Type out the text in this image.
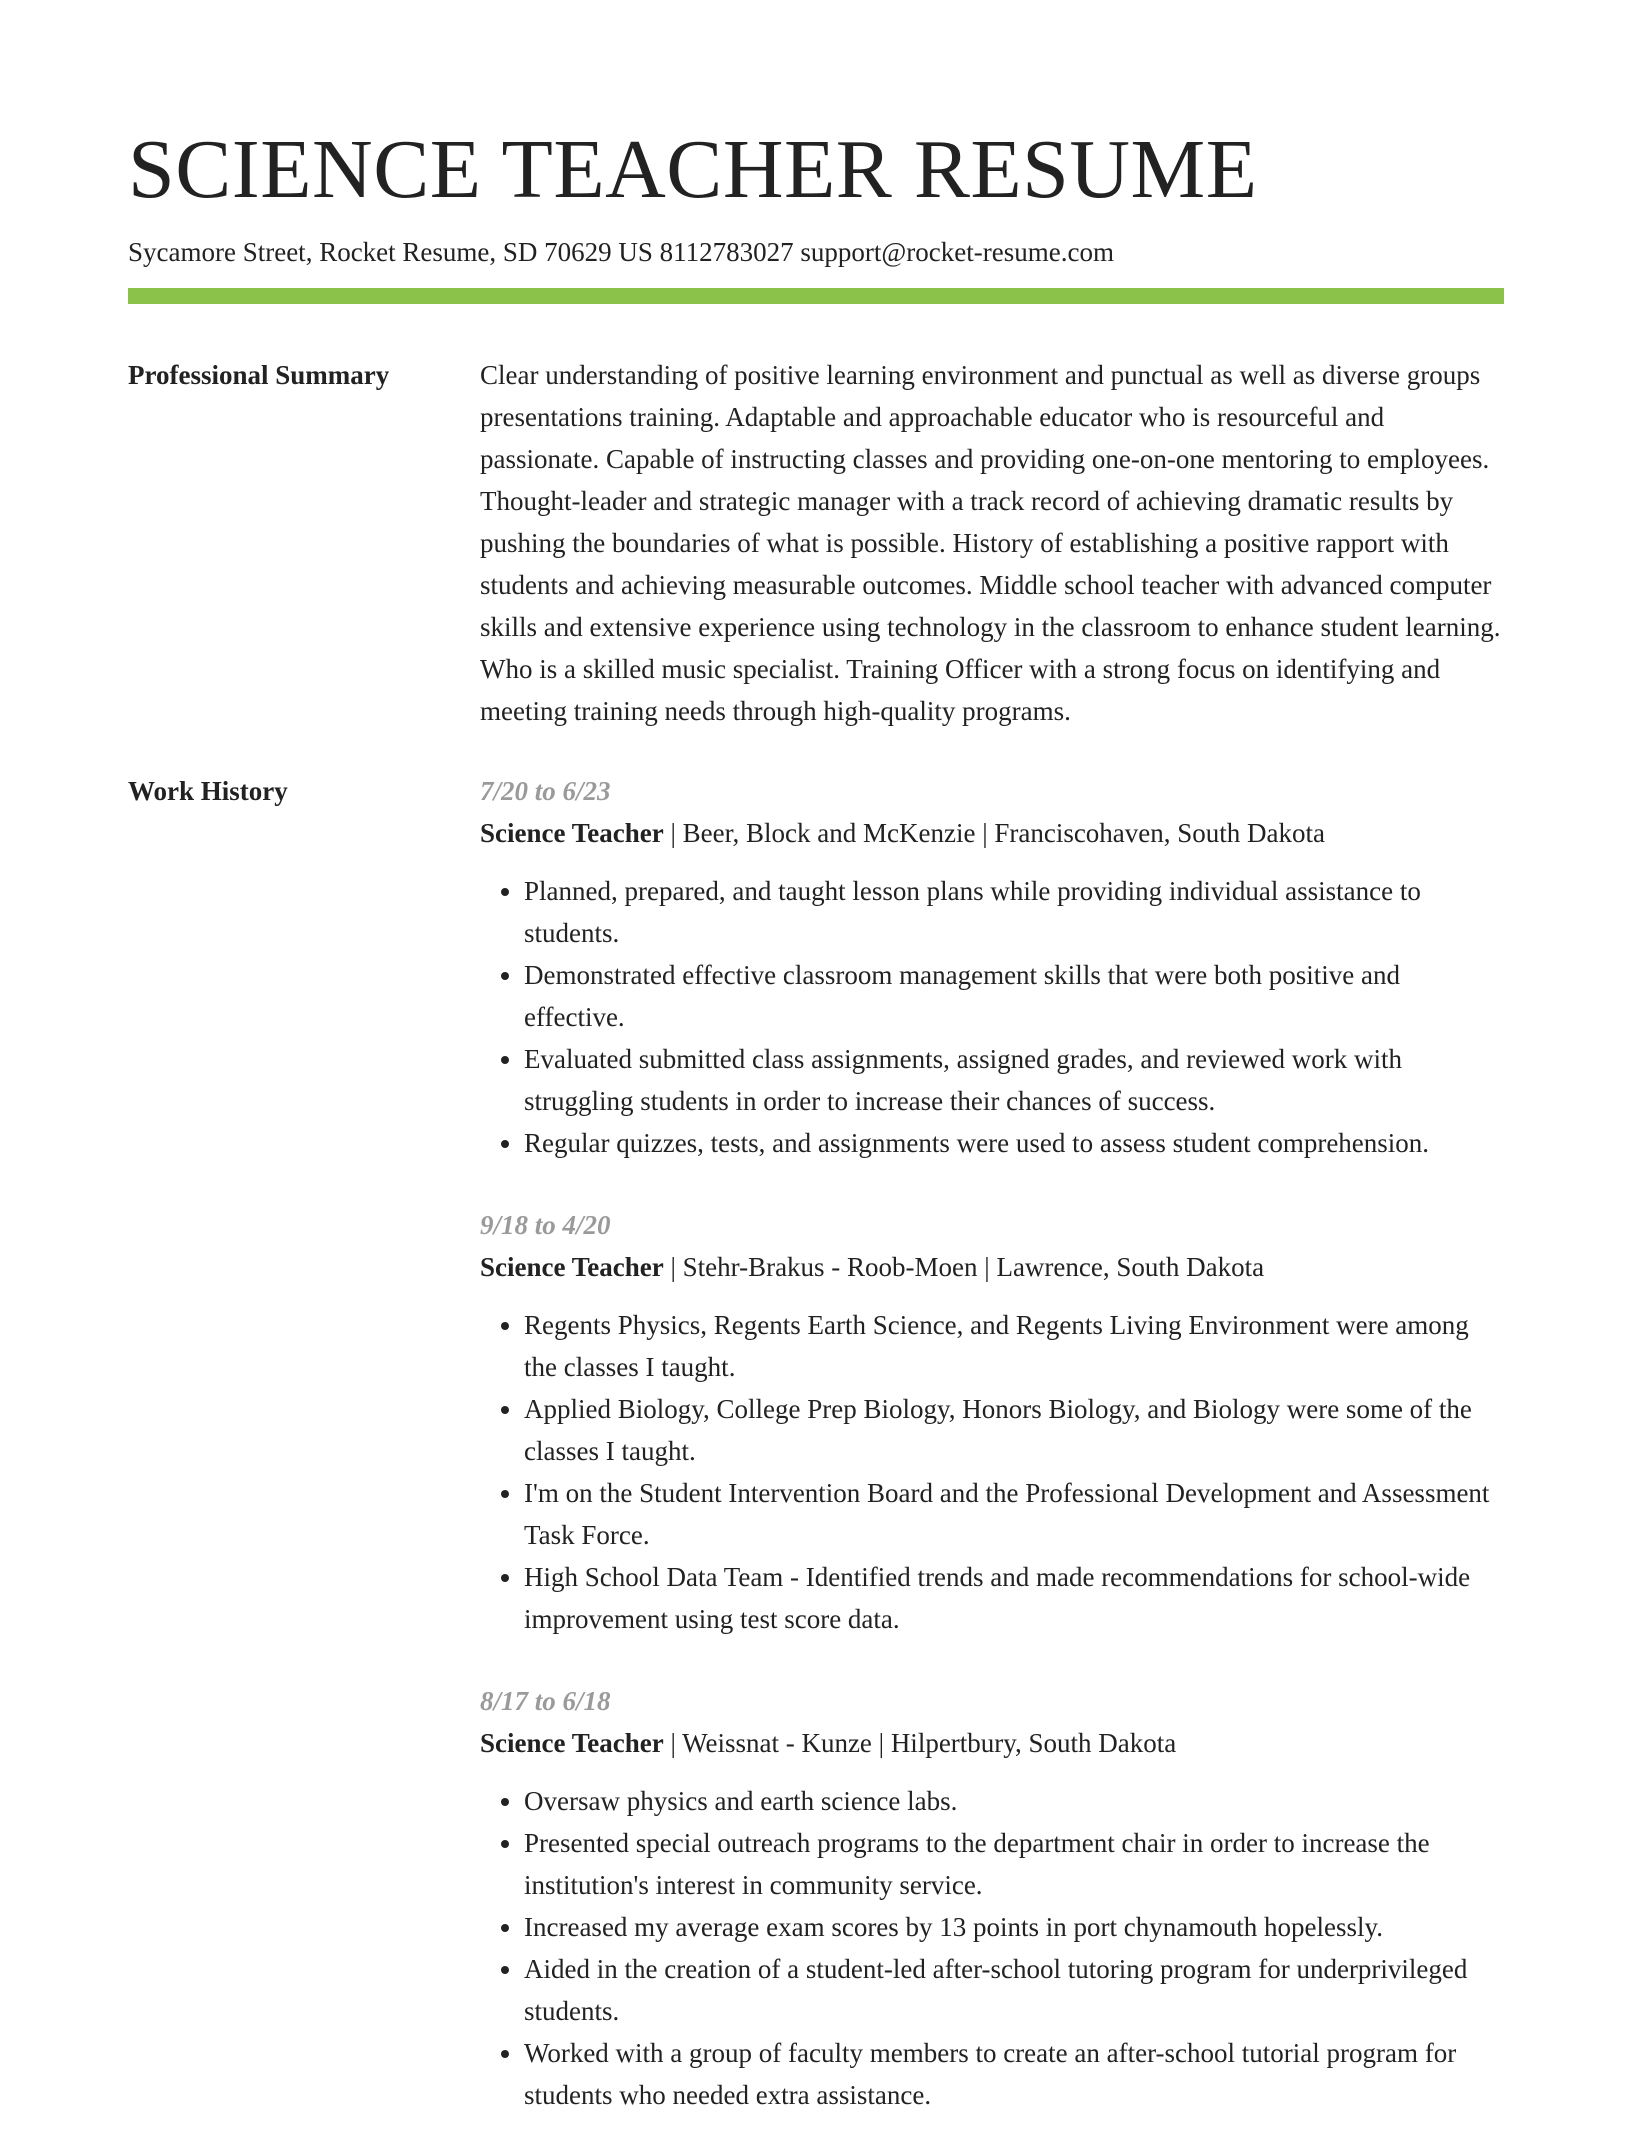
SCIENCE TEACHER RESUME
Sycamore Street, Rocket Resume, SD 70629 US 8112783027 support@rocket-resume.com
Professional Summary	Clear understanding of positive learning environment and punctual as well as diverse groups presentations training. Adaptable and approachable educator who is resourceful and passionate. Capable of instructing classes and providing one-on-one mentoring to employees. Thought-leader and strategic manager with a track record of achieving dramatic results by pushing the boundaries of what is possible. History of establishing a positive rapport with students and achieving measurable outcomes. Middle school teacher with advanced computer skills and extensive experience using technology in the classroom to enhance student learning. Who is a skilled music specialist. Training Officer with a strong focus on identifying and meeting training needs through high-quality programs.

Work History	7/20 to 6/23
Science Teacher | Beer, Block and McKenzie | Franciscohaven, South Dakota
• Planned, prepared, and taught lesson plans while providing individual assistance to students.
• Demonstrated effective classroom management skills that were both positive and effective.
• Evaluated submitted class assignments, assigned grades, and reviewed work with struggling students in order to increase their chances of success.
• Regular quizzes, tests, and assignments were used to assess student comprehension.
9/18 to 4/20
Science Teacher | Stehr-Brakus - Roob-Moen | Lawrence, South Dakota
• Regents Physics, Regents Earth Science, and Regents Living Environment were among the classes I taught.
• Applied Biology, College Prep Biology, Honors Biology, and Biology were some of the classes I taught.
• I'm on the Student Intervention Board and the Professional Development and Assessment Task Force.
• High School Data Team - Identified trends and made recommendations for school-wide improvement using test score data.
8/17 to 6/18
Science Teacher | Weissnat - Kunze | Hilpertbury, South Dakota
• Oversaw physics and earth science labs.
• Presented special outreach programs to the department chair in order to increase the institution's interest in community service.
• Increased my average exam scores by 13 points in port chynamouth hopelessly.
• Aided in the creation of a student-led after-school tutoring program for underprivileged students.
• Worked with a group of faculty members to create an after-school tutorial program for students who needed extra assistance.
